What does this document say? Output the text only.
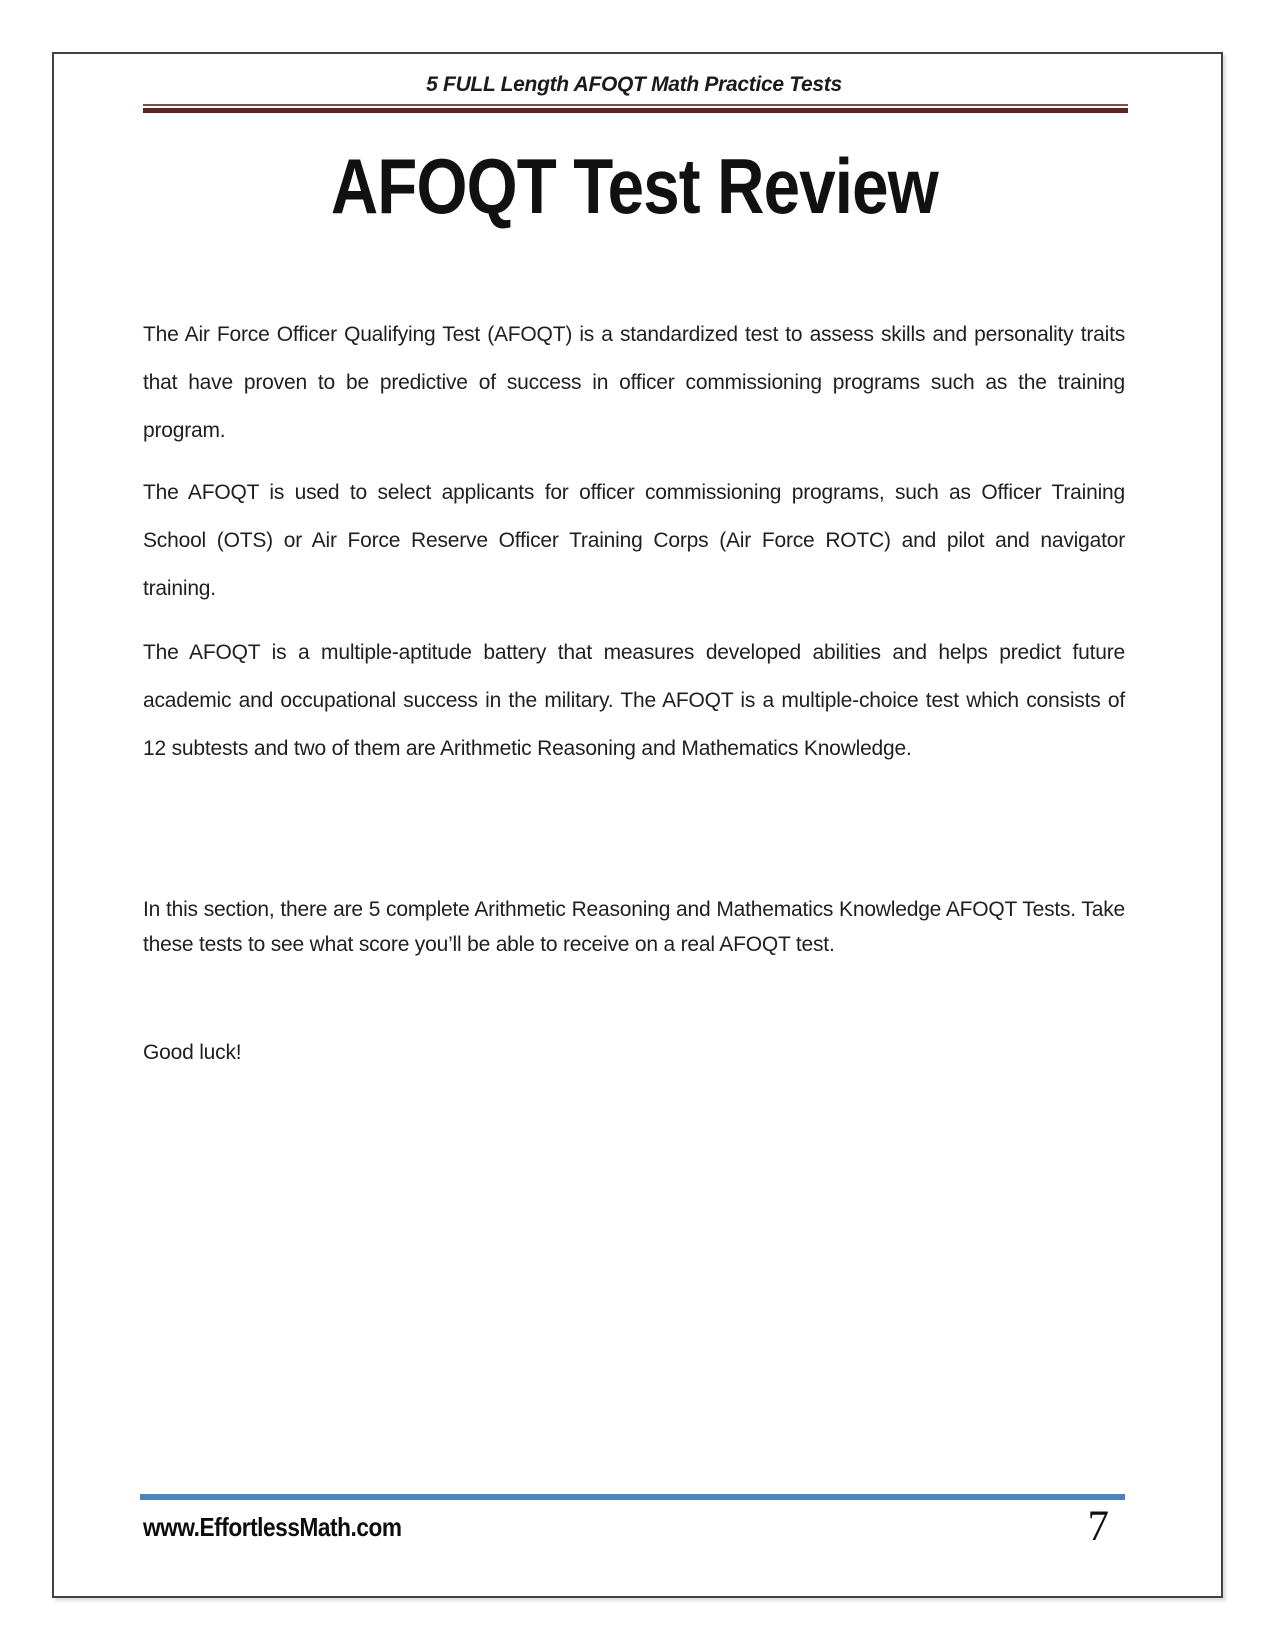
5 FULL Length AFOQT Math Practice Tests
AFOQT Test Review

The Air Force Officer Qualifying Test (AFOQT) is a standardized test to assess skills and personality traits that have proven to be predictive of success in officer commissioning programs such as the training program.

The AFOQT is used to select applicants for officer commissioning programs, such as Officer Training School (OTS) or Air Force Reserve Officer Training Corps (Air Force ROTC) and pilot and navigator training.

The AFOQT is a multiple-aptitude battery that measures developed abilities and helps predict future academic and occupational success in the military. The AFOQT is a multiple-choice test which consists of 12 subtests and two of them are Arithmetic Reasoning and Mathematics Knowledge.

In this section, there are 5 complete Arithmetic Reasoning and Mathematics Knowledge AFOQT Tests. Take these tests to see what score you’ll be able to receive on a real AFOQT test.

Good luck!
www.EffortlessMath.com	7
